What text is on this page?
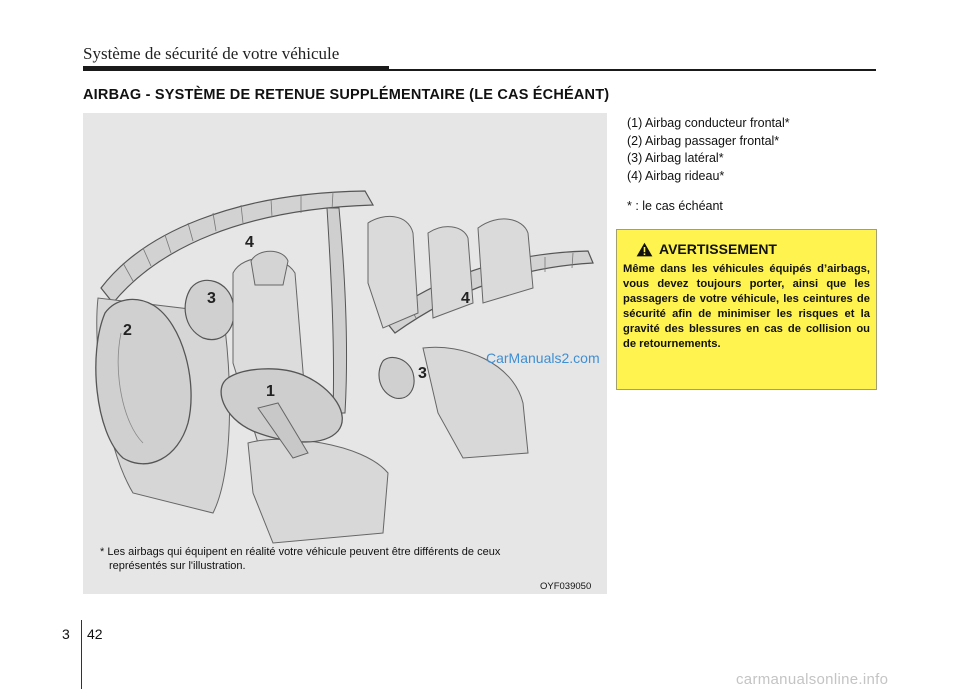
Système de sécurité de votre véhicule
AIRBAG - SYSTÈME DE RETENUE SUPPLÉMENTAIRE (LE CAS ÉCHÉANT)
1
2
3
3
4
4
* Les airbags qui équipent en réalité votre véhicule peuvent être différents de ceux
représentés sur l'illustration.
OYF039050
(1) Airbag conducteur frontal*
(2) Airbag passager frontal*
(3) Airbag latéral*
(4) Airbag rideau*
* : le cas échéant
AVERTISSEMENT
Même dans les véhicules équipés d’airbags, vous devez toujours porter, ainsi que les passagers de votre véhicule, les ceintures de sécurité afin de minimiser les risques et la gravité des blessures en cas de collision ou de retournements.
CarManuals2.com
3 42
carmanualsonline.info
